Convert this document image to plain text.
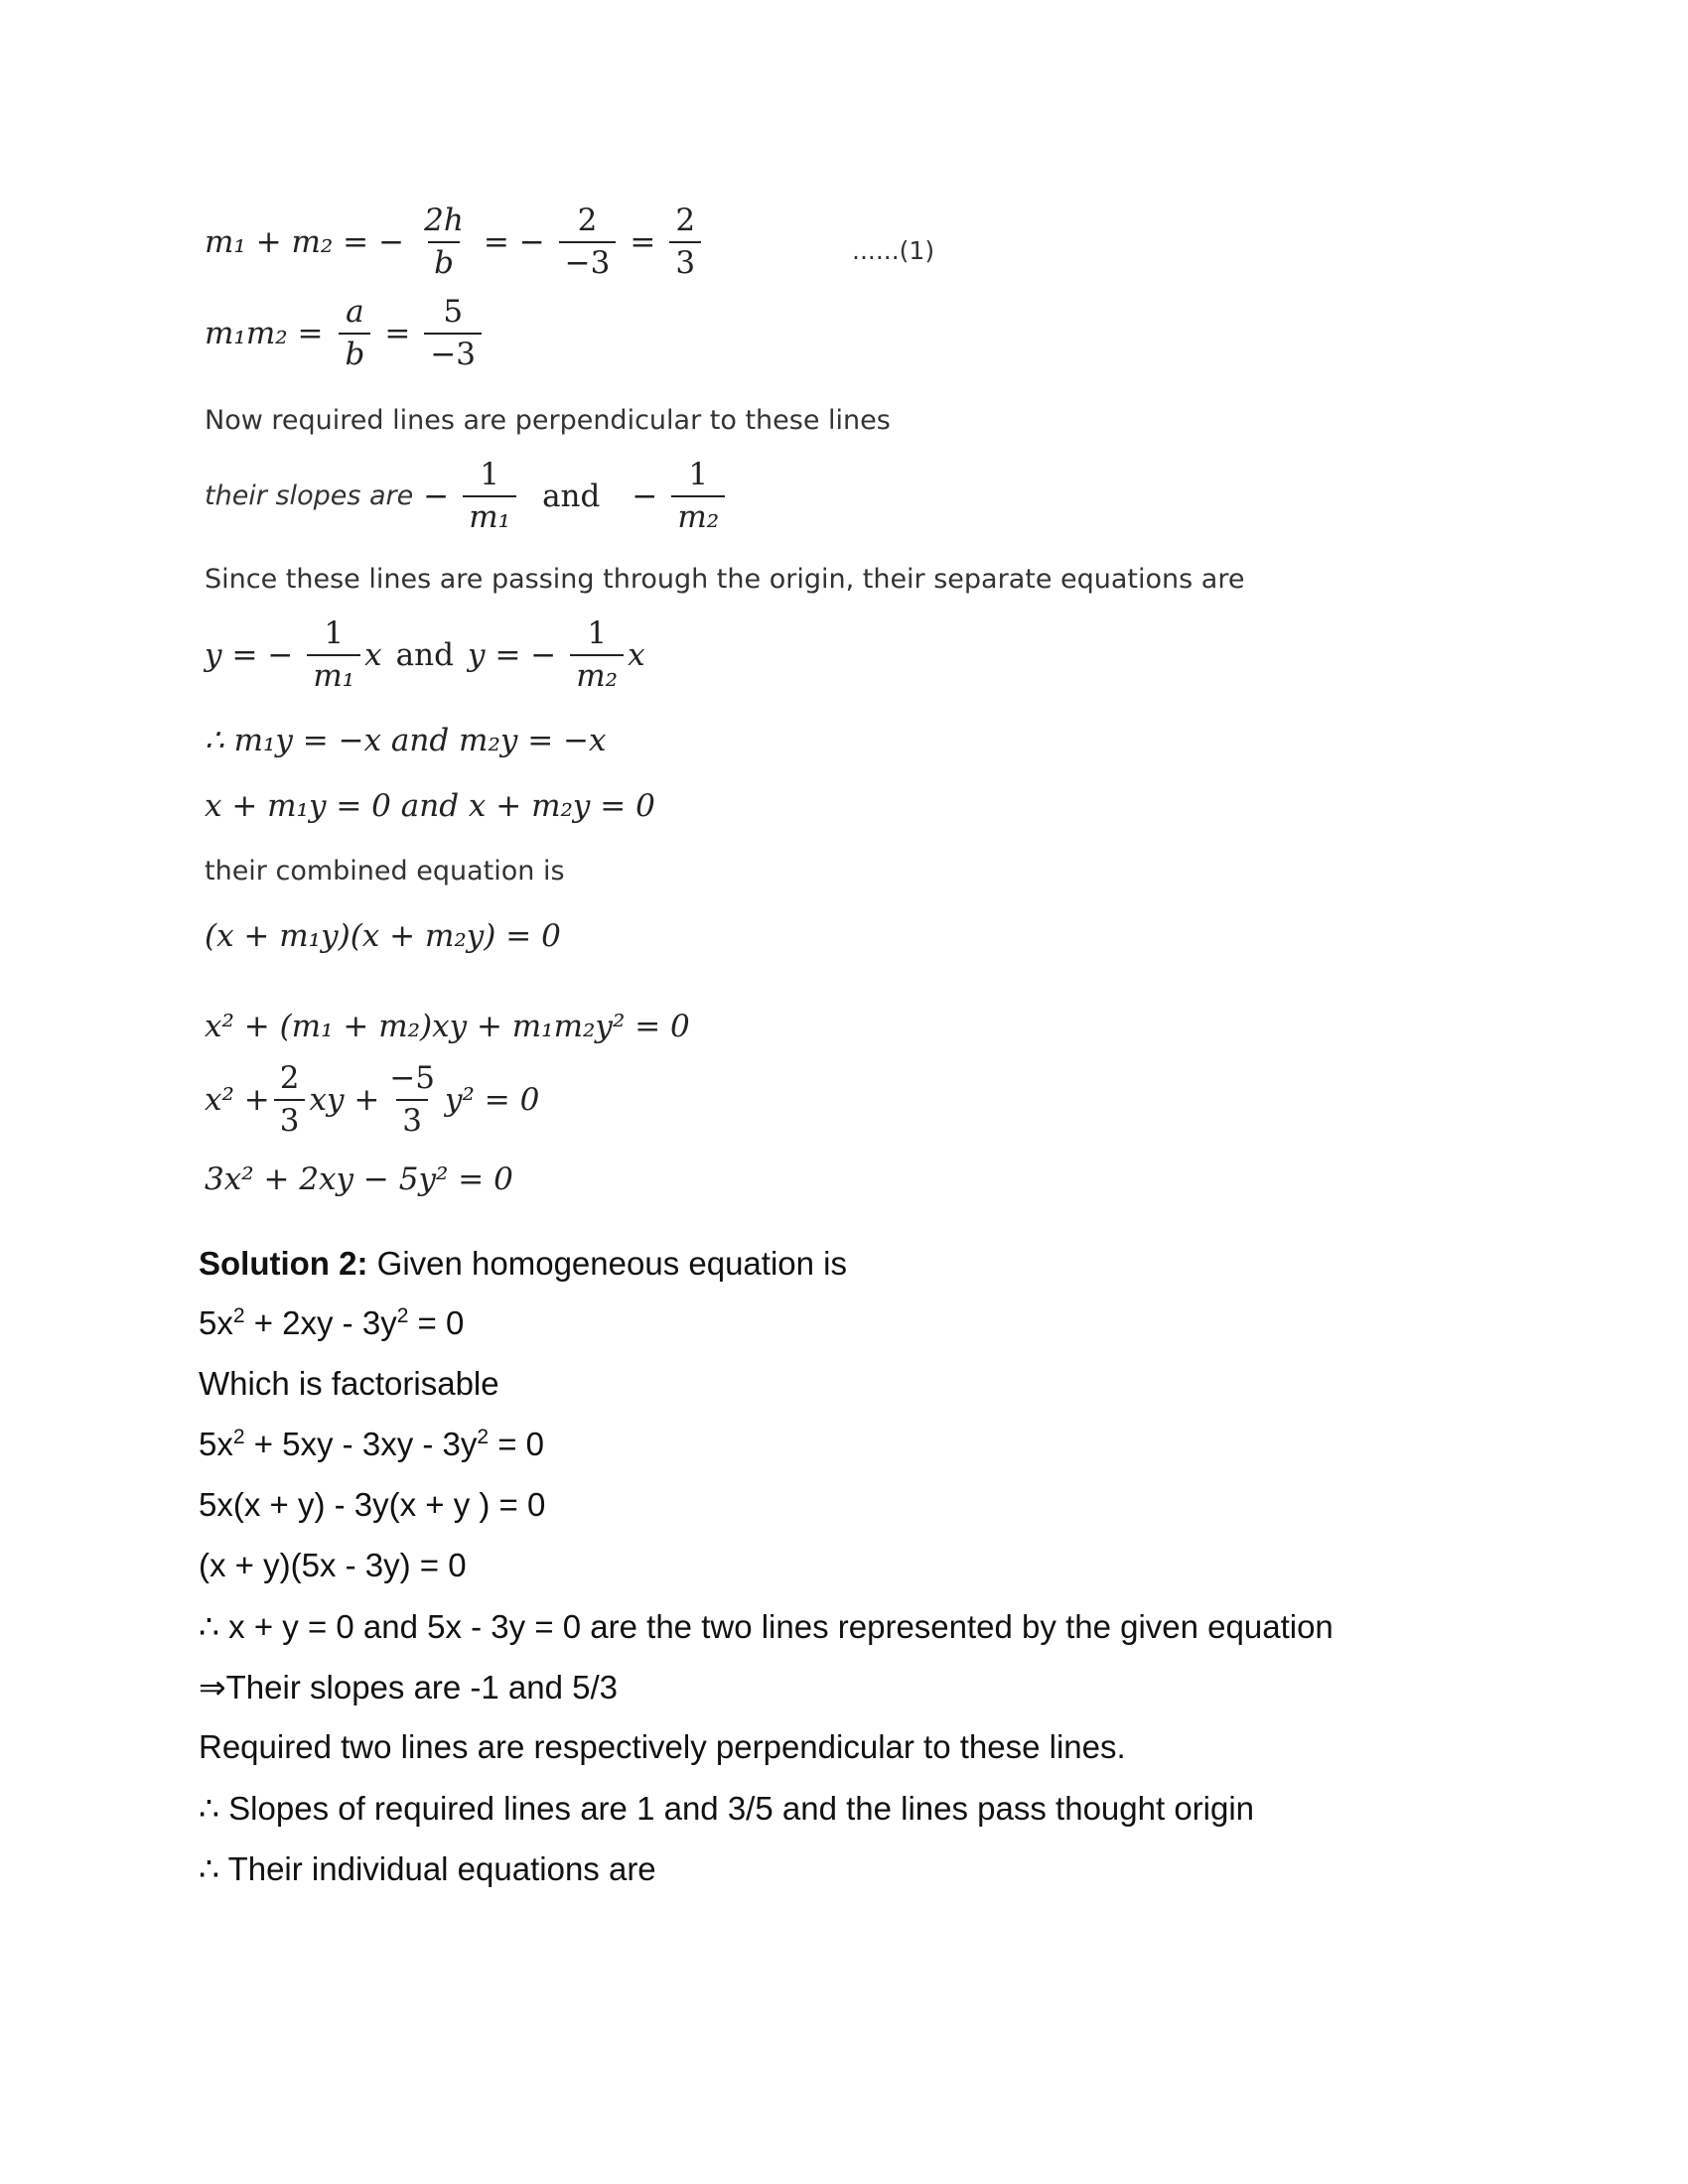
m₁ + m₂ = − $\frac{2h}{b}$ = − $\frac{2}{-3} = \frac{2}{3}$	......(1)
$m_1m_2 = \frac{a}{b} = \frac{5}{-3}$
Now required lines are perpendicular to these lines
their slopes are − $\frac{1}{\text{m₁}}$ and − $\frac{1}{\text{m₂}}$
Since these lines are passing through the origin, their separate equations are
y = − $\frac{1}{\text{m₁}}$ x and y = − $\frac{1}{\text{m₂}}$ x
∴ m₁y = −x and m₂y = −x
x + m₁y = 0 and x + m₂y = 0
their combined equation is
(x + m₁y)(x + m₂y) = 0
x² + (m₁ + m₂)xy + m₁m₂y² = 0
$x^2 + \frac{2}{3}$ xy + $\frac{-5}{3} y^2 = 0$
3x² + 2xy − 5y² = 0
Solution 2: Given homogeneous equation is
$5x^2 + 2xy - 3y^2 = 0$
Which is factorisable
$5x^2 + 5xy - 3xy - 3y^2 = 0$
5x(x + y) - 3y(x + y ) = 0
(x + y)(5x - 3y) = 0
∴ x + y = 0 and 5x - 3y = 0 are the two lines represented by the given equation
⇒Their slopes are -1 and 5/3
Required two lines are respectively perpendicular to these lines.
∴ Slopes of required lines are 1 and 3/5 and the lines pass thought origin
∴ Their individual equations are
